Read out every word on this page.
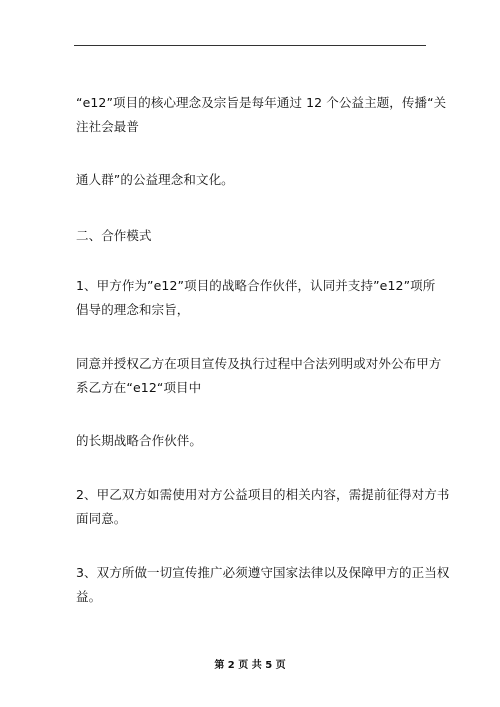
“e12”项目的核心理念及宗旨是每年通过 12 个公益主题，传播“关
注社会最普
通人群”的公益理念和文化。
二、合作模式
1、甲方作为”e12”项目的战略合作伙伴，认同并支持”e12”项所
倡导的理念和宗旨，
同意并授权乙方在项目宣传及执行过程中合法列明或对外公布甲方
系乙方在“e12“项目中
的长期战略合作伙伴。
2、甲乙双方如需使用对方公益项目的相关内容，需提前征得对方书
面同意。
3、双方所做一切宣传推广必须遵守国家法律以及保障甲方的正当权
益。
第 2 页 共 5 页
